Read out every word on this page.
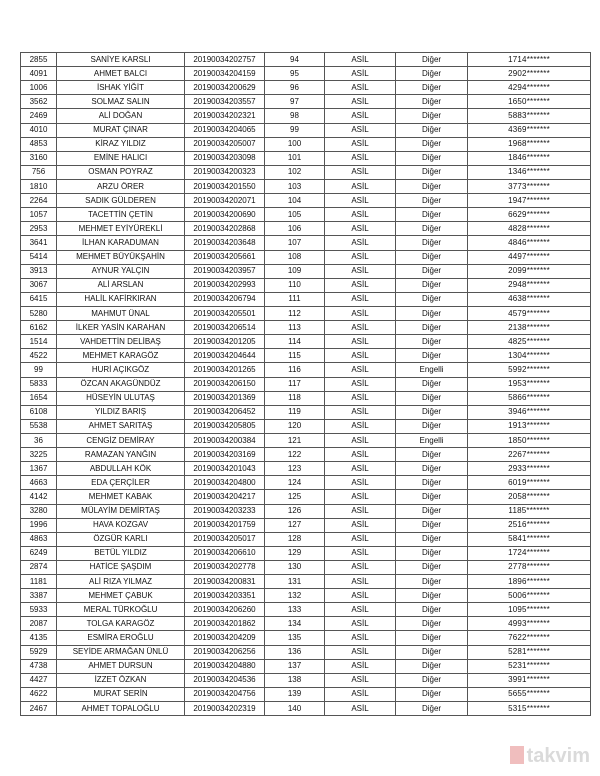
2855	SANİYE KARSLI	20190034202757	94	ASİL	Diğer	1714*******
4091	AHMET BALCI	20190034204159	95	ASİL	Diğer	2902*******
1006	İSHAK YİĞİT	20190034200629	96	ASİL	Diğer	4294*******
3562	SOLMAZ SALIN	20190034203557	97	ASİL	Diğer	1650*******
2469	ALİ DOĞAN	20190034202321	98	ASİL	Diğer	5883*******
4010	MURAT ÇINAR	20190034204065	99	ASİL	Diğer	4369*******
4853	KİRAZ YILDIZ	20190034205007	100	ASİL	Diğer	1968*******
3160	EMİNE HALICI	20190034203098	101	ASİL	Diğer	1846*******
756	OSMAN POYRAZ	20190034200323	102	ASİL	Diğer	1346*******
1810	ARZU ÖRER	20190034201550	103	ASİL	Diğer	3773*******
2264	SADIK GÜLDEREN	20190034202071	104	ASİL	Diğer	1947*******
1057	TACETTİN ÇETİN	20190034200690	105	ASİL	Diğer	6629*******
2953	MEHMET EYİYÜREKLİ	20190034202868	106	ASİL	Diğer	4828*******
3641	İLHAN KARADUMAN	20190034203648	107	ASİL	Diğer	4846*******
5414	MEHMET BÜYÜKŞAHİN	20190034205661	108	ASİL	Diğer	4497*******
3913	AYNUR YALÇIN	20190034203957	109	ASİL	Diğer	2099*******
3067	ALİ ARSLAN	20190034202993	110	ASİL	Diğer	2948*******
6415	HALİL KAFİRKIRAN	20190034206794	111	ASİL	Diğer	4638*******
5280	MAHMUT ÜNAL	20190034205501	112	ASİL	Diğer	4579*******
6162	İLKER YASİN KARAHAN	20190034206514	113	ASİL	Diğer	2138*******
1514	VAHDETTİN DELİBAŞ	20190034201205	114	ASİL	Diğer	4825*******
4522	MEHMET KARAGÖZ	20190034204644	115	ASİL	Diğer	1304*******
99	HURİ AÇIKGÖZ	20190034201265	116	ASİL	Engelli	5992*******
5833	ÖZCAN AKAGÜNDÜZ	20190034206150	117	ASİL	Diğer	1953*******
1654	HÜSEYİN ULUTAŞ	20190034201369	118	ASİL	Diğer	5866*******
6108	YILDIZ BARIŞ	20190034206452	119	ASİL	Diğer	3946*******
5538	AHMET SARITAŞ	20190034205805	120	ASİL	Diğer	1913*******
36	CENGİZ DEMİRAY	20190034200384	121	ASİL	Engelli	1850*******
3225	RAMAZAN YANĞIN	20190034203169	122	ASİL	Diğer	2267*******
1367	ABDULLAH KÖK	20190034201043	123	ASİL	Diğer	2933*******
4663	EDA ÇERÇİLER	20190034204800	124	ASİL	Diğer	6019*******
4142	MEHMET KABAK	20190034204217	125	ASİL	Diğer	2058*******
3280	MÜLAYİM DEMİRTAŞ	20190034203233	126	ASİL	Diğer	1185*******
1996	HAVA KOZGAV	20190034201759	127	ASİL	Diğer	2516*******
4863	ÖZGÜR KARLI	20190034205017	128	ASİL	Diğer	5841*******
6249	BETÜL YILDIZ	20190034206610	129	ASİL	Diğer	1724*******
2874	HATİCE ŞAŞDIM	20190034202778	130	ASİL	Diğer	2778*******
1181	ALİ RIZA YILMAZ	20190034200831	131	ASİL	Diğer	1896*******
3387	MEHMET ÇABUK	20190034203351	132	ASİL	Diğer	5006*******
5933	MERAL TÜRKOĞLU	20190034206260	133	ASİL	Diğer	1095*******
2087	TOLGA KARAGÖZ	20190034201862	134	ASİL	Diğer	4993*******
4135	ESMİRA EROĞLU	20190034204209	135	ASİL	Diğer	7622*******
5929	SEYİDE ARMAĞAN ÜNLÜ	20190034206256	136	ASİL	Diğer	5281*******
4738	AHMET DURSUN	20190034204880	137	ASİL	Diğer	5231*******
4427	İZZET ÖZKAN	20190034204536	138	ASİL	Diğer	3991*******
4622	MURAT SERİN	20190034204756	139	ASİL	Diğer	5655*******
2467	AHMET TOPALOĞLU	20190034202319	140	ASİL	Diğer	5315*******
takvim
